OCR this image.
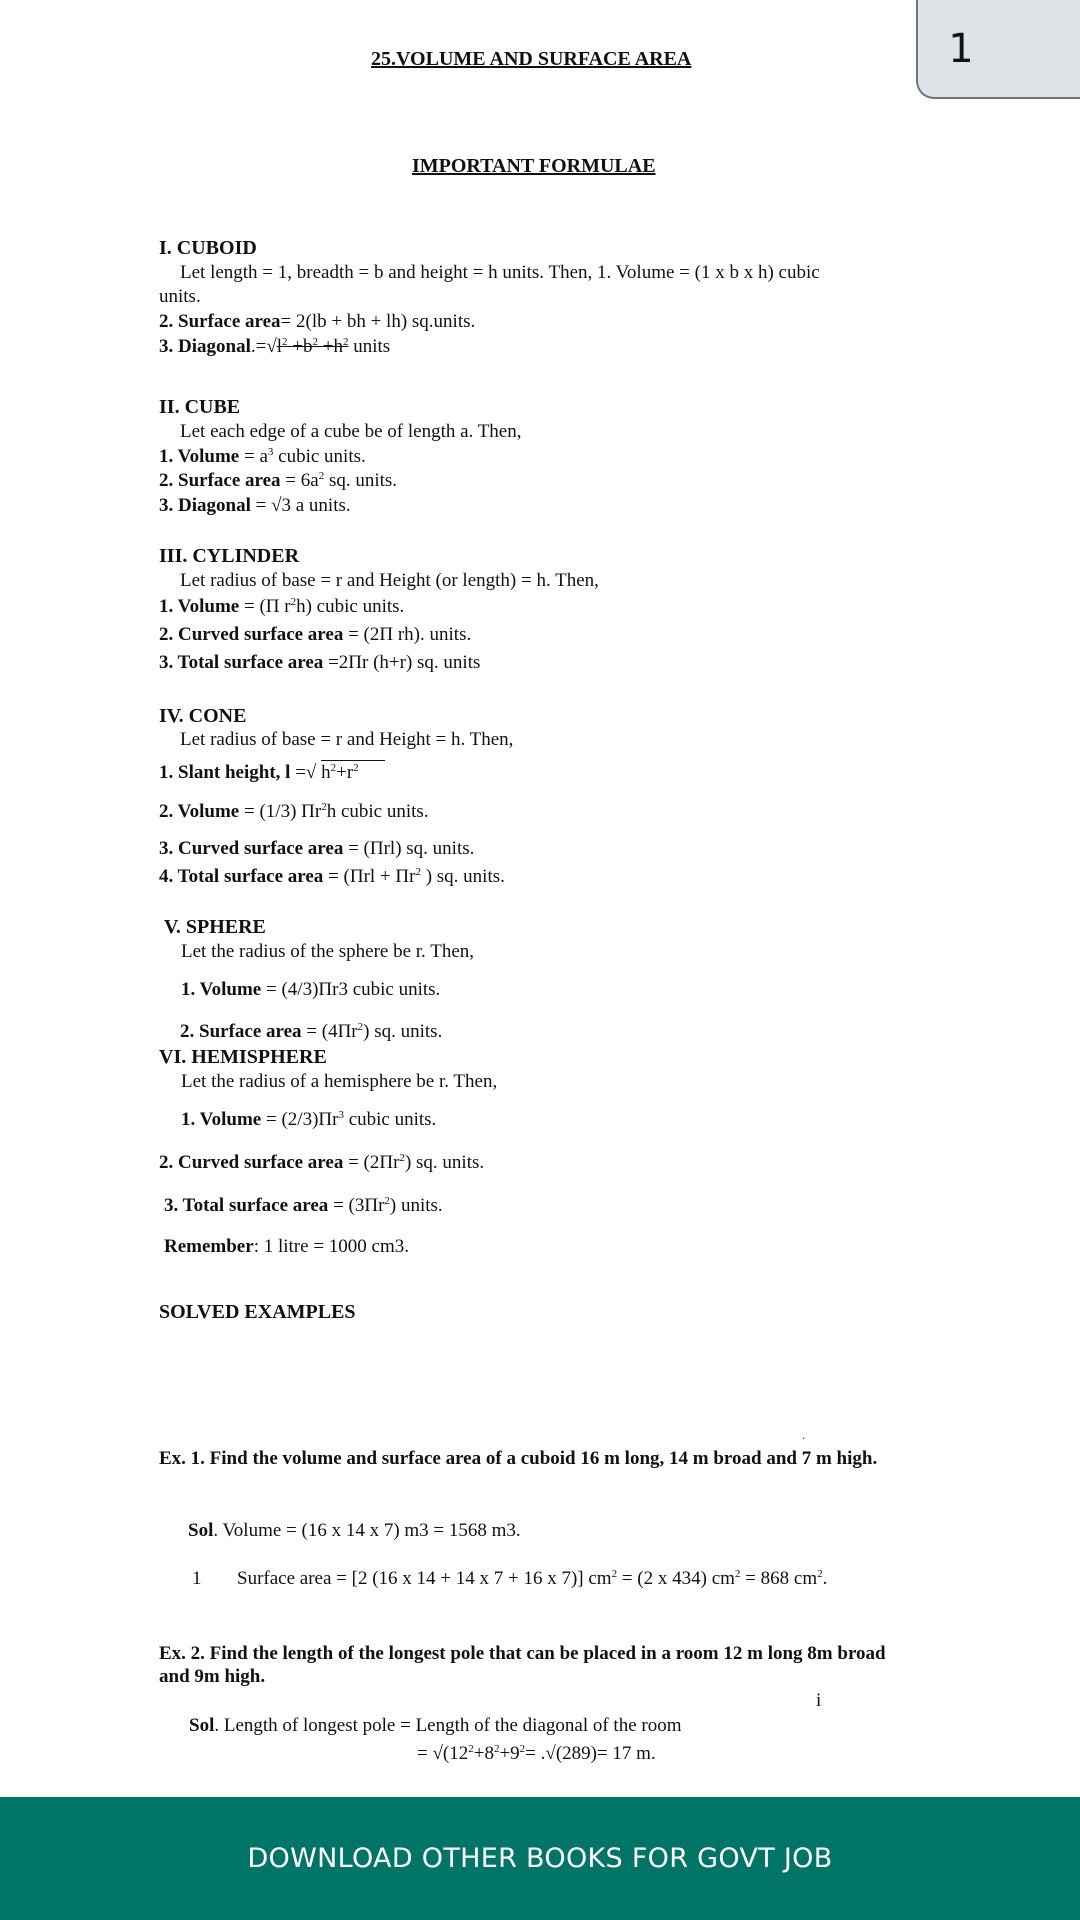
25.VOLUME AND SURFACE AREA
IMPORTANT FORMULAE
I. CUBOID
Let length = 1, breadth = b and height = h units. Then, 1. Volume = (1 x b x h) cubic
units.
2. Surface area= 2(lb + bh + lh) sq.units.
3. $Diagonal.=√l^2 +b^2 +h^2$ units
II. CUBE
Let each edge of a cube be of length a. Then,
1. Volume = $a^3$ cubic units.
2. Surface area = $6a^2$ sq. units.
3. Diagonal = √3 a units.
III. CYLINDER
Let radius of base = r and Height (or length) = h. Then,
1. Volume = (Π $r^2h$) cubic units.
2. Curved surface area = (2Π rh). units.
3. Total surface area =2Πr (h+r) sq. units
IV. CONE
Let radius of base = r and Height = h. Then,
1. Slant height, l =√ $h^2+r^2$
2. Volume = (1/3) $\Pi r^2h$ cubic units.
3. Curved surface area = (Πrl) sq. units.
4. Total surface area = ($\Pi rl + \Pi r^2$ ) sq. units.
V. SPHERE
Let the radius of the sphere be r. Then,
1. Volume = (4/3)Πr3 cubic units.
2. Surface area = $(4\Pi r^2)$ sq. units.
VI. HEMISPHERE
Let the radius of a hemisphere be r. Then,
1. Volume = $(2/3)\Pi r^3$ cubic units.
2. Curved surface area = $(2\Pi r^2)$ sq. units.
3. Total surface area = $(3\Pi r^2)$ units.
Remember: 1 litre = 1000 cm3.
SOLVED EXAMPLES
.
Ex. 1. Find the volume and surface area of a cuboid 16 m long, 14 m broad and 7 m high.
Sol. Volume = (16 x 14 x 7) m3 = 1568 m3.
1 Surface area = [2 (16 x 14 + 14 x 7 + 16 x 7)] $cm^2 = (2$ x 434) $cm^2 = 868$ $cm^2$.
Ex. 2. Find the length of the longest pole that can be placed in a room 12 m long 8m broad and 9m high.
i
Sol. Length of longest pole = Length of the diagonal of the room
= $√(12^2+8^2+9^2= .√(289)= 17$ m.
1
DOWNLOAD OTHER BOOKS FOR GOVT JOB
